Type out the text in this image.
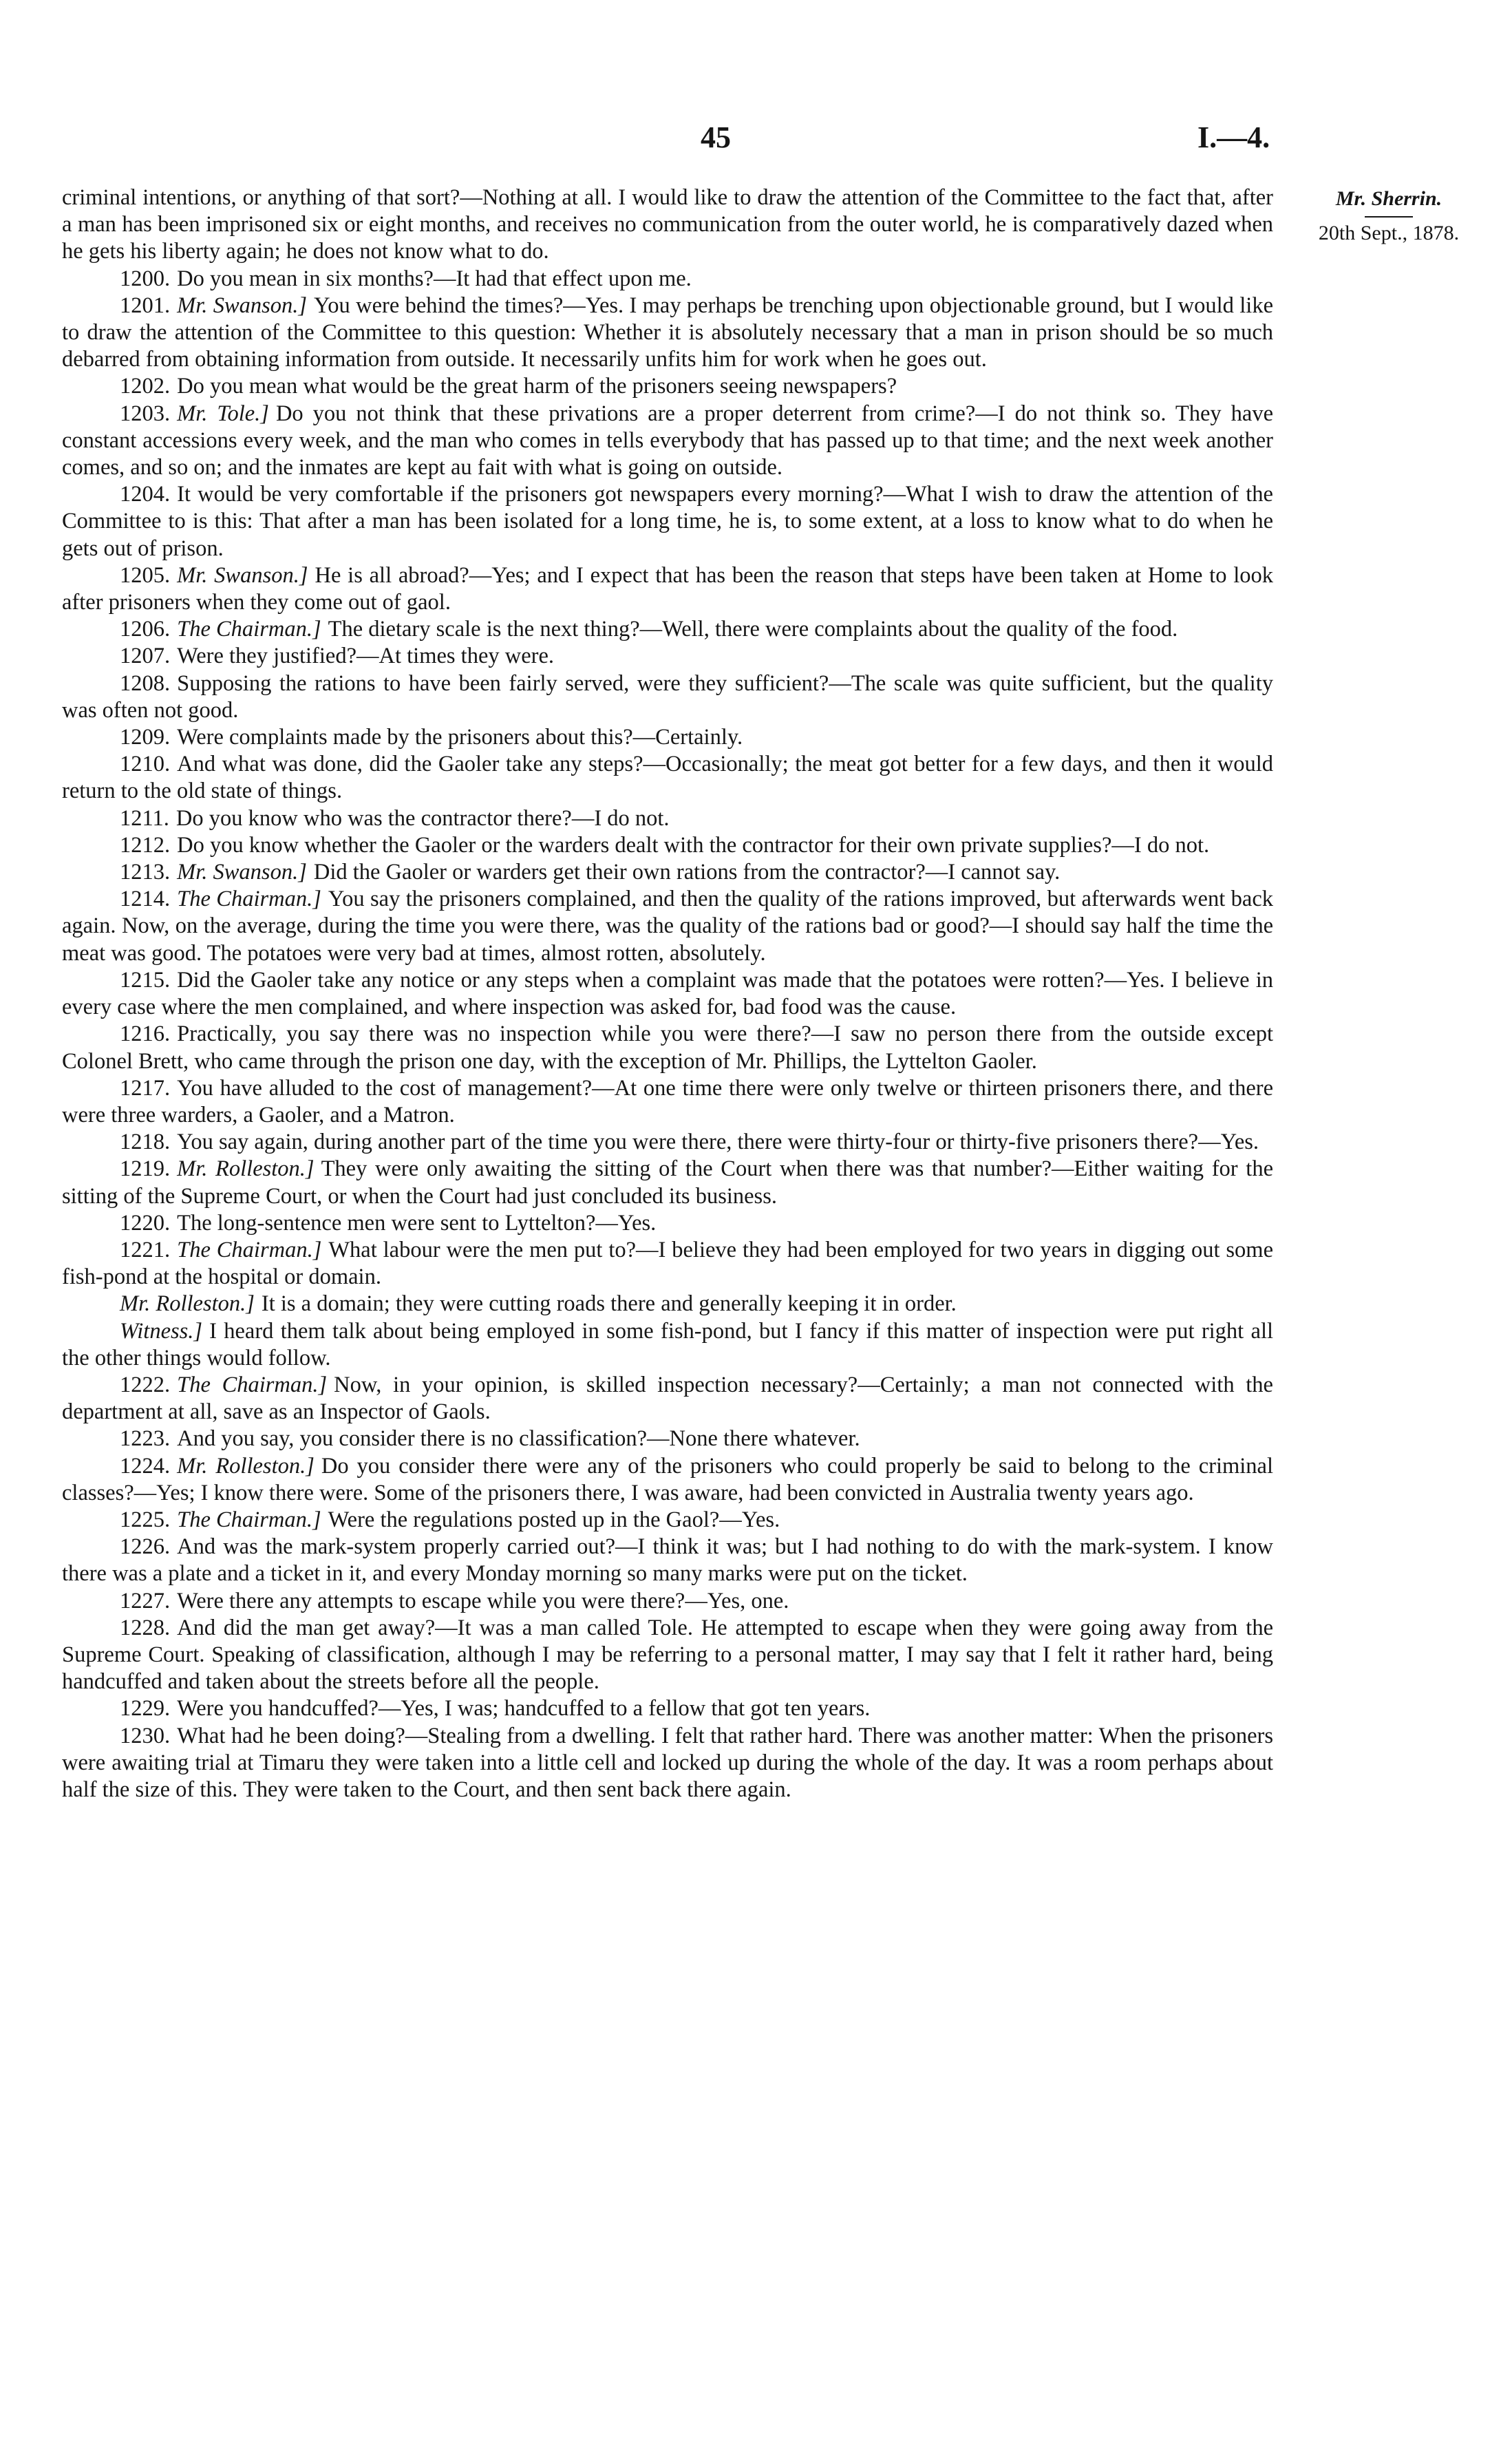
45	I.—4.
Mr. Sherrin.
20th Sept., 1878.

criminal intentions, or anything of that sort?—Nothing at all. I would like to draw the attention of the Committee to the fact that, after a man has been imprisoned six or eight months, and receives no communication from the outer world, he is comparatively dazed when he gets his liberty again; he does not know what to do.

1200. Do you mean in six months?—It had that effect upon me.

1201. Mr. Swanson.] You were behind the times?—Yes. I may perhaps be trenching upon objectionable ground, but I would like to draw the attention of the Committee to this question: Whether it is absolutely necessary that a man in prison should be so much debarred from obtaining information from outside. It necessarily unfits him for work when he goes out.

1202. Do you mean what would be the great harm of the prisoners seeing newspapers?

1203. Mr. Tole.] Do you not think that these privations are a proper deterrent from crime?—I do not think so. They have constant accessions every week, and the man who comes in tells everybody that has passed up to that time; and the next week another comes, and so on; and the inmates are kept au fait with what is going on outside.

1204. It would be very comfortable if the prisoners got newspapers every morning?—What I wish to draw the attention of the Committee to is this: That after a man has been isolated for a long time, he is, to some extent, at a loss to know what to do when he gets out of prison.

1205. Mr. Swanson.] He is all abroad?—Yes; and I expect that has been the reason that steps have been taken at Home to look after prisoners when they come out of gaol.

1206. The Chairman.] The dietary scale is the next thing?—Well, there were complaints about the quality of the food.

1207. Were they justified?—At times they were.

1208. Supposing the rations to have been fairly served, were they sufficient?—The scale was quite sufficient, but the quality was often not good.

1209. Were complaints made by the prisoners about this?—Certainly.

1210. And what was done, did the Gaoler take any steps?—Occasionally; the meat got better for a few days, and then it would return to the old state of things.

1211. Do you know who was the contractor there?—I do not.

1212. Do you know whether the Gaoler or the warders dealt with the contractor for their own private supplies?—I do not.

1213. Mr. Swanson.] Did the Gaoler or warders get their own rations from the contractor?—I cannot say.

1214. The Chairman.] You say the prisoners complained, and then the quality of the rations improved, but afterwards went back again. Now, on the average, during the time you were there, was the quality of the rations bad or good?—I should say half the time the meat was good. The potatoes were very bad at times, almost rotten, absolutely.

1215. Did the Gaoler take any notice or any steps when a complaint was made that the potatoes were rotten?—Yes. I believe in every case where the men complained, and where inspection was asked for, bad food was the cause.

1216. Practically, you say there was no inspection while you were there?—I saw no person there from the outside except Colonel Brett, who came through the prison one day, with the exception of Mr. Phillips, the Lyttelton Gaoler.

1217. You have alluded to the cost of management?—At one time there were only twelve or thirteen prisoners there, and there were three warders, a Gaoler, and a Matron.

1218. You say again, during another part of the time you were there, there were thirty-four or thirty-five prisoners there?—Yes.

1219. Mr. Rolleston.] They were only awaiting the sitting of the Court when there was that number?—Either waiting for the sitting of the Supreme Court, or when the Court had just concluded its business.

1220. The long-sentence men were sent to Lyttelton?—Yes.

1221. The Chairman.] What labour were the men put to?—I believe they had been employed for two years in digging out some fish-pond at the hospital or domain.

Mr. Rolleston.] It is a domain; they were cutting roads there and generally keeping it in order.

Witness.] I heard them talk about being employed in some fish-pond, but I fancy if this matter of inspection were put right all the other things would follow.

1222. The Chairman.] Now, in your opinion, is skilled inspection necessary?—Certainly; a man not connected with the department at all, save as an Inspector of Gaols.

1223. And you say, you consider there is no classification?—None there whatever.

1224. Mr. Rolleston.] Do you consider there were any of the prisoners who could properly be said to belong to the criminal classes?—Yes; I know there were. Some of the prisoners there, I was aware, had been convicted in Australia twenty years ago.

1225. The Chairman.] Were the regulations posted up in the Gaol?—Yes.

1226. And was the mark-system properly carried out?—I think it was; but I had nothing to do with the mark-system. I know there was a plate and a ticket in it, and every Monday morning so many marks were put on the ticket.

1227. Were there any attempts to escape while you were there?—Yes, one.

1228. And did the man get away?—It was a man called Tole. He attempted to escape when they were going away from the Supreme Court. Speaking of classification, although I may be referring to a personal matter, I may say that I felt it rather hard, being handcuffed and taken about the streets before all the people.

1229. Were you handcuffed?—Yes, I was; handcuffed to a fellow that got ten years.

1230. What had he been doing?—Stealing from a dwelling. I felt that rather hard. There was another matter: When the prisoners were awaiting trial at Timaru they were taken into a little cell and locked up during the whole of the day. It was a room perhaps about half the size of this. They were taken to the Court, and then sent back there again.
